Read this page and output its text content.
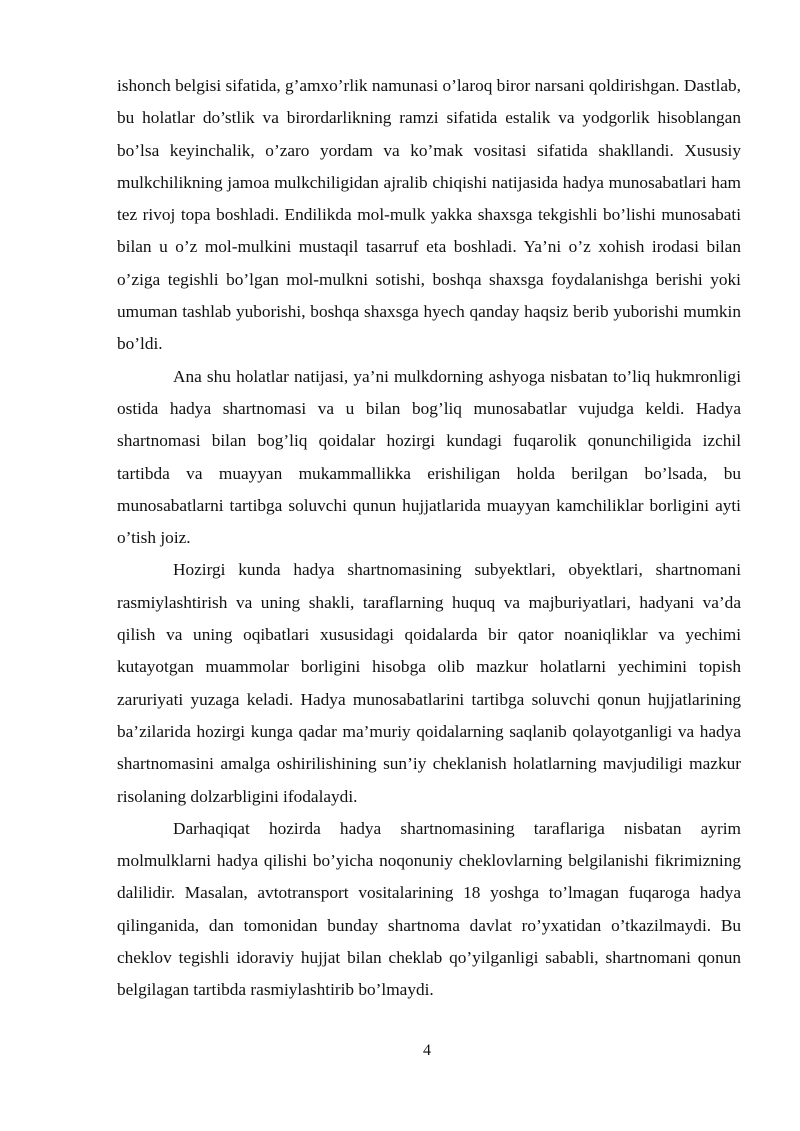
ishonch belgisi sifatida, g’amxo’rlik namunasi o’laroq biror narsani qoldirishgan. Dastlab, bu holatlar do’stlik va birordarlikning ramzi sifatida estalik va yodgorlik hisoblangan bo’lsa keyinchalik, o’zaro yordam va ko’mak vositasi sifatida shakllandi. Xususiy mulkchilikning jamoa mulkchiligidan ajralib chiqishi natijasida hadya munosabatlari ham tez rivoj topa boshladi. Endilikda mol-mulk yakka shaxsga tekgishli bo’lishi munosabati bilan u o’z mol-mulkini mustaqil tasarruf eta boshladi. Ya’ni o’z xohish irodasi bilan o’ziga tegishli bo’lgan mol-mulkni sotishi, boshqa shaxsga foydalanishga berishi yoki umuman tashlab yuborishi, boshqa shaxsga hyech qanday haqsiz berib yuborishi mumkin bo’ldi.

Ana shu holatlar natijasi, ya’ni mulkdorning ashyoga nisbatan to’liq hukmronligi ostida hadya shartnomasi va u bilan bog’liq munosabatlar vujudga keldi. Hadya shartnomasi bilan bog’liq qoidalar hozirgi kundagi fuqarolik qonunchiligida izchil tartibda va muayyan mukammallikka erishiligan holda berilgan bo’lsada, bu munosabatlarni tartibga soluvchi qunun hujjatlarida muayyan kamchiliklar borligini ayti o’tish joiz.

Hozirgi kunda hadya shartnomasining subyektlari, obyektlari, shartnomani rasmiylashtirish va uning shakli, taraflarning huquq va majburiyatlari, hadyani va’da qilish va uning oqibatlari xususidagi qoidalarda bir qator noaniqliklar va yechimi kutayotgan muammolar borligini hisobga olib mazkur holatlarni yechimini topish zaruriyati yuzaga keladi. Hadya munosabatlarini tartibga soluvchi qonun hujjatlarining ba’zilarida hozirgi kunga qadar ma’muriy qoidalarning saqlanib qolayotganligi va hadya shartnomasini amalga oshirilishining sun’iy cheklanish holatlarning mavjudiligi mazkur risolaning dolzarbligini ifodalaydi.

Darhaqiqat hozirda hadya shartnomasining taraflariga nisbatan ayrim molmulklarni hadya qilishi bo’yicha noqonuniy cheklovlarning belgilanishi fikrimizning dalilidir. Masalan, avtotransport vositalarining 18 yoshga to’lmagan fuqaroga hadya qilinganida, dan tomonidan bunday shartnoma davlat ro’yxatidan o’tkazilmaydi. Bu cheklov tegishli idoraviy hujjat bilan cheklab qo’yilganligi sababli, shartnomani qonun belgilagan tartibda rasmiylashtirib bo’lmaydi.

4
